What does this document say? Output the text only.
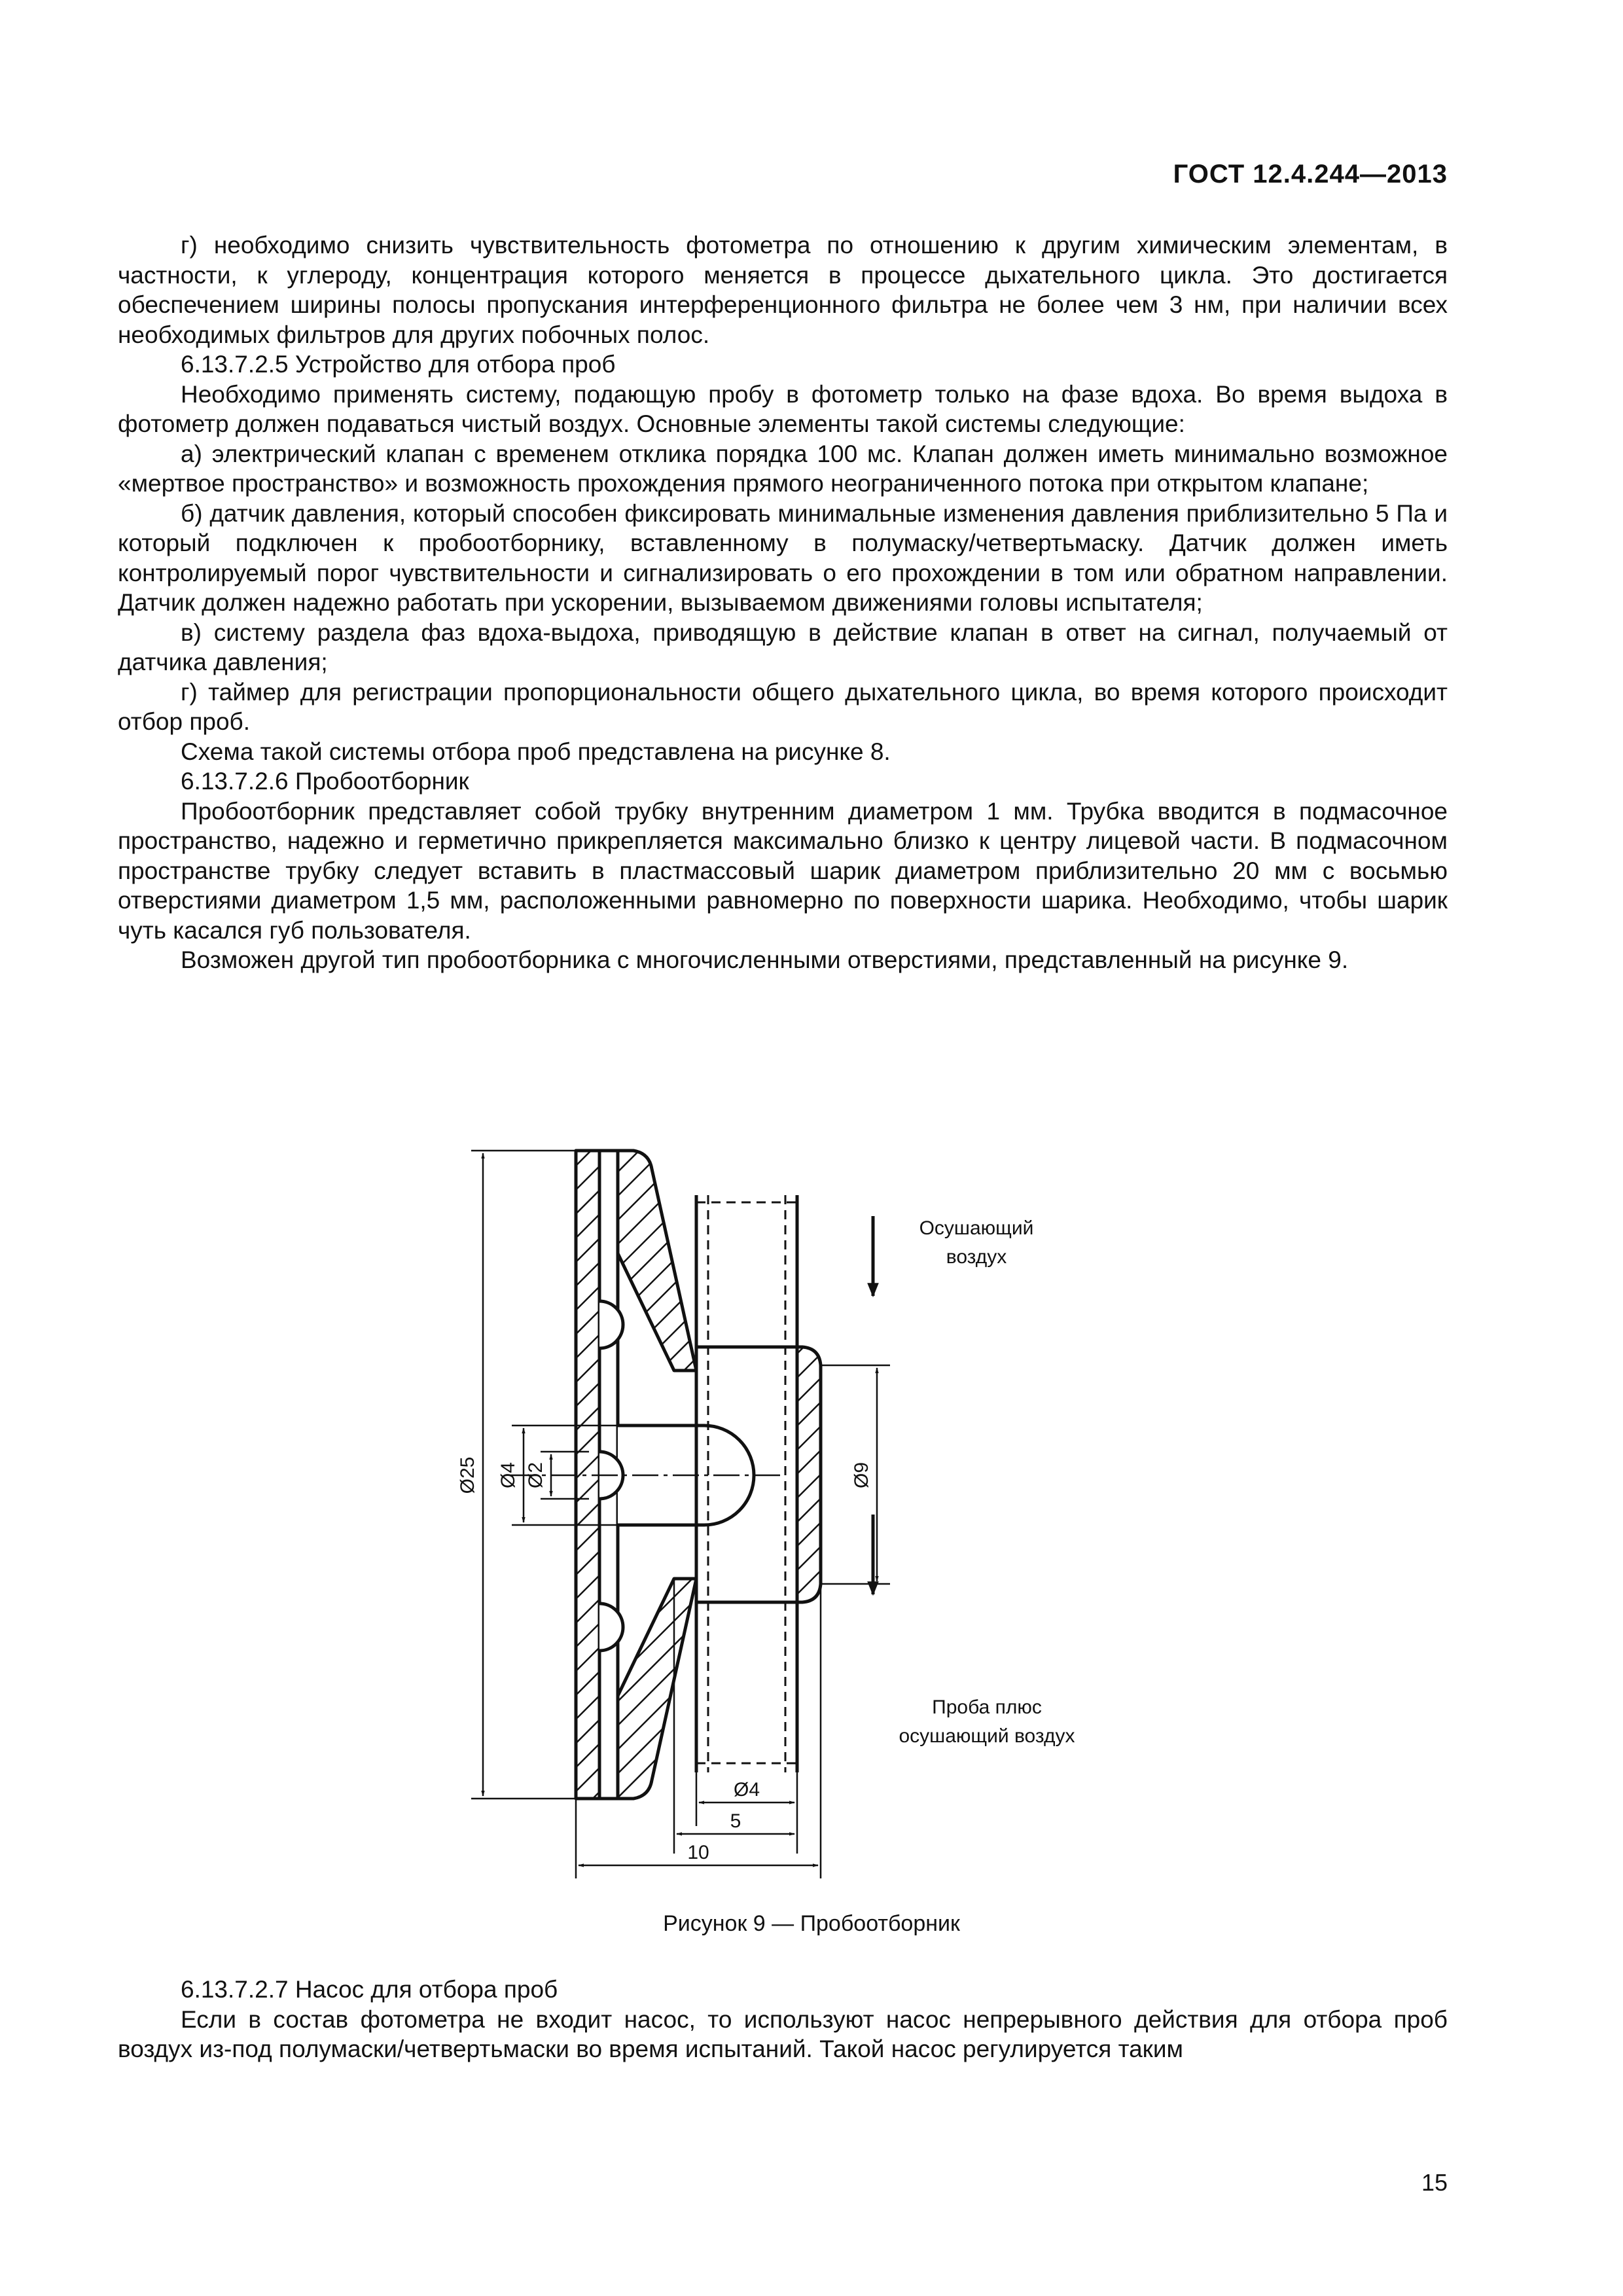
ГОСТ 12.4.244—2013

г) необходимо снизить чувствительность фотометра по отношению к другим химическим элементам, в частности, к углероду, концентрация которого меняется в процессе дыхательного цикла. Это достигается обеспечением ширины полосы пропускания интерференционного фильтра не более чем 3 нм, при наличии всех необходимых фильтров для других побочных полос.

6.13.7.2.5 Устройство для отбора проб

Необходимо применять систему, подающую пробу в фотометр только на фазе вдоха. Во время выдоха в фотометр должен подаваться чистый воздух. Основные элементы такой системы следующие:

а) электрический клапан с временем отклика порядка 100 мс. Клапан должен иметь минимально возможное «мертвое пространство» и возможность прохождения прямого неограниченного потока при открытом клапане;

б) датчик давления, который способен фиксировать минимальные изменения давления приблизительно 5 Па и который подключен к пробоотборнику, вставленному в полумаску/четвертьмаску. Датчик должен иметь контролируемый порог чувствительности и сигнализировать о его прохождении в том или обратном направлении. Датчик должен надежно работать при ускорении, вызываемом движениями головы испытателя;

в) систему раздела фаз вдоха-выдоха, приводящую в действие клапан в ответ на сигнал, получаемый от датчика давления;

г) таймер для регистрации пропорциональности общего дыхательного цикла, во время которого происходит отбор проб.

Схема такой системы отбора проб представлена на рисунке 8.

6.13.7.2.6 Пробоотборник

Пробоотборник представляет собой трубку внутренним диаметром 1 мм. Трубка вводится в подмасочное пространство, надежно и герметично прикрепляется максимально близко к центру лицевой части. В подмасочном пространстве трубку следует вставить в пластмассовый шарик диаметром приблизительно 20 мм с восьмью отверстиями диаметром 1,5 мм, расположенными равномерно по поверхности шарика. Необходимо, чтобы шарик чуть касался губ пользователя.

Возможен другой тип пробоотборника с многочисленными отверстиями, представленный на рисунке 9.

Ø25 Ø4 Ø2	Ø9
Ø4
5
10
Осушающий
воздух
Проба плюс
осушающий воздух
Рисунок 9 — Пробоотборник

6.13.7.2.7 Насос для отбора проб

Если в состав фотометра не входит насос, то используют насос непрерывного действия для отбора проб воздух из-под полумаски/четвертьмаски во время испытаний. Такой насос регулируется таким

15
